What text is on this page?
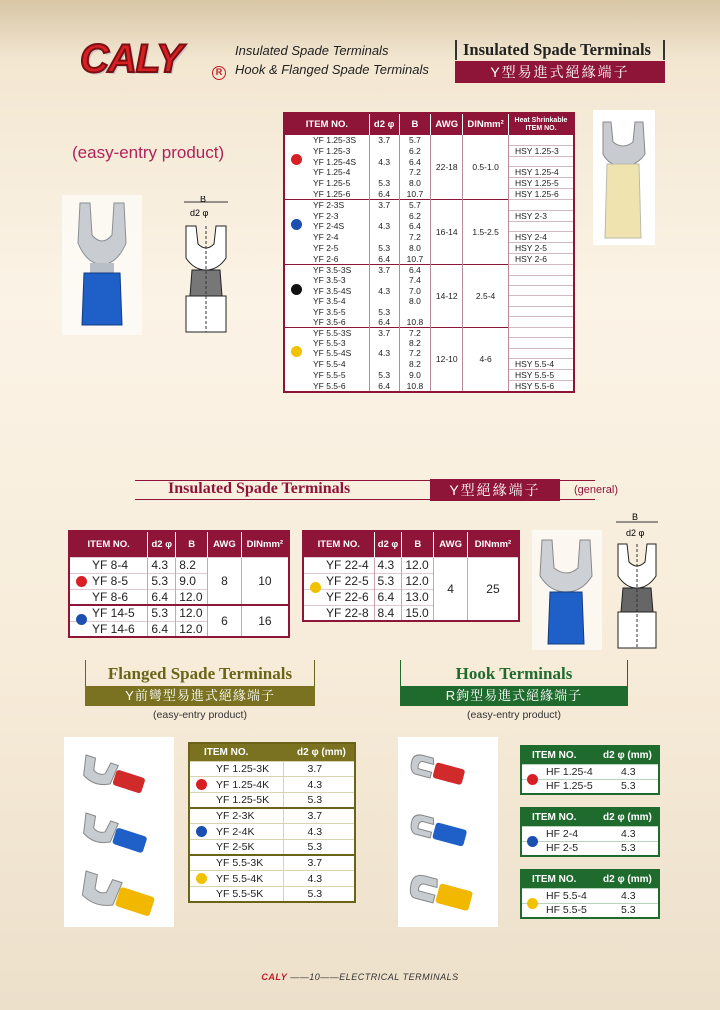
CALY	R
Insulated Spade Terminals
Hook & Flanged Spade Terminals
Insulated Spade Terminals
Y型易進式絕緣端子
(easy-entry product)
B
d2 φ
ITEM NO.	d2 φ	B	AWG	DINmm²	Heat Shrinkable ITEM NO.
YF 1.25-3S	3.7	5.7	22-18	0.5-1.0	
YF 1.25-3		6.2			HSY 1.25-3

YF 1.25-4S	4.3	6.4			
YF 1.25-4		7.2			HSY 1.25-4
YF 1.25-5	5.3	8.0			HSY 1.25-5
YF 1.25-6	6.4	10.7			HSY 1.25-6
YF 2-3S	3.7	5.7	16-14	1.5-2.5	
YF 2-3		6.2			HSY 2-3

YF 2-4S	4.3	6.4			
YF 2-4		7.2			HSY 2-4
YF 2-5	5.3	8.0			HSY 2-5
YF 2-6	6.4	10.7			HSY 2-6
YF 3.5-3S	3.7	6.4	14-12	2.5-4	
YF 3.5-3		7.4			

YF 3.5-4S	4.3	7.0			
YF 3.5-4		8.0			
YF 3.5-5	5.3				
YF 3.5-6	6.4	10.8			
YF 5.5-3S	3.7	7.2	12-10	4-6	
YF 5.5-3		8.2			

YF 5.5-4S	4.3	7.2			
YF 5.5-4		8.2			HSY 5.5-4
YF 5.5-5	5.3	9.0			HSY 5.5-5
YF 5.5-6	6.4	10.8			HSY 5.5-6
Insulated Spade Terminals	Y型絕緣端子	(general)
ITEM NO.	d2 φ	B	AWG	DINmm²
YF 8-4	4.3	8.2	8	10

YF 8-5	5.3	9.0		
YF 8-6	6.4	12.0		

YF 14-5	5.3	12.0	6	16
YF 14-6	6.4	12.0		
ITEM NO.	d2 φ	B	AWG	DINmm²
YF 22-4	4.3	12.0	4	25

YF 22-5	5.3	12.0		
YF 22-6	6.4	13.0		
YF 22-8	8.4	15.0		
B
d2 φ
Flanged Spade Terminals
Y前彎型易進式絕緣端子
(easy-entry product)
ITEM NO.	d2 φ (mm)
YF 1.25-3K	3.7

YF 1.25-4K	4.3
YF 1.25-5K	5.3
YF 2-3K	3.7

YF 2-4K	4.3
YF 2-5K	5.3
YF 5.5-3K	3.7

YF 5.5-4K	4.3
YF 5.5-5K	5.3
Hook Terminals
R鉤型易進式絕緣端子
(easy-entry product)
ITEM NO.	d2 φ (mm)

HF 1.25-4	4.3
HF 1.25-5	5.3
ITEM NO.	d2 φ (mm)

HF 2-4	4.3
HF 2-5	5.3
ITEM NO.	d2 φ (mm)

HF 5.5-4	4.3
HF 5.5-5	5.3
CALY ——10——ELECTRICAL TERMINALS
